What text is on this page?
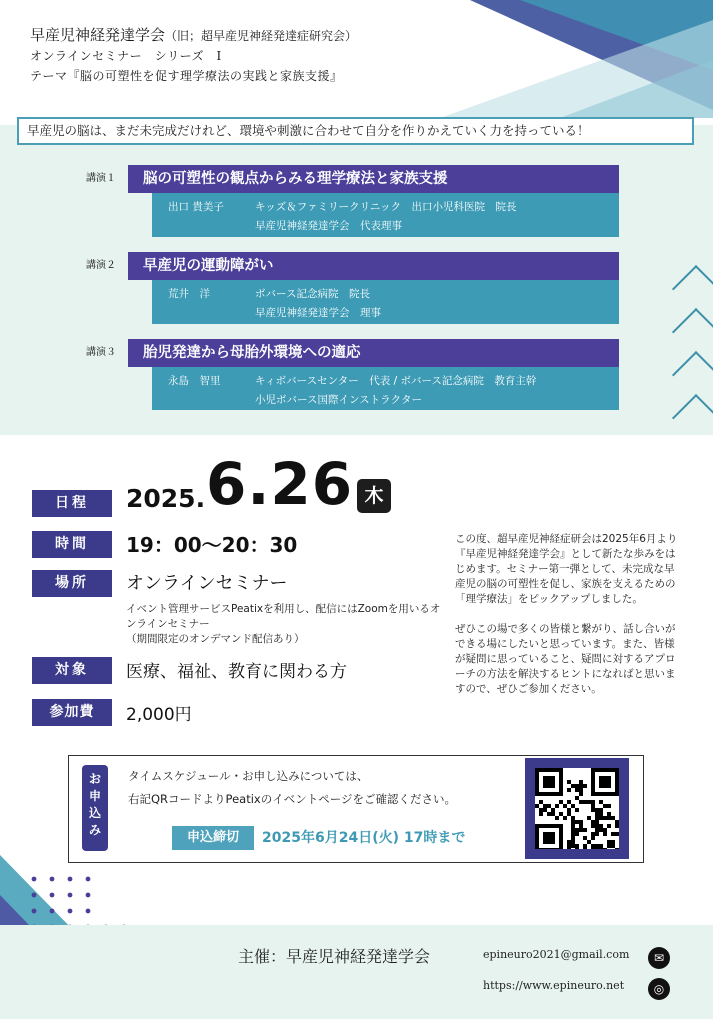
早産児神経発達学会（旧；超早産児神経発達症研究会）
オンラインセミナー　シリーズ　I
テーマ『脳の可塑性を促す理学療法の実践と家族支援』
早産児の脳は、まだ未完成だけれど、環境や刺激に合わせて自分を作りかえていく力を持っている！
講演１	脳の可塑性の観点からみる理学療法と家族支援
出口 貴美子	キッズ＆ファミリークリニック　出口小児科医院　院長
早産児神経発達学会　代表理事
講演２	早産児の運動障がい
荒井　洋	ボバース記念病院　院長
早産児神経発達学会　理事
講演３	胎児発達から母胎外環境への適応
永島　智里	キィボバースセンター　代表 / ボバース記念病院　教育主幹
小児ボバース国際インストラクター
日程	2025. 6.26 木
時間	19：00〜20：30
場所	オンラインセミナー
イベント管理サービスPeatixを利用し、配信にはZoomを用いるオンラインセミナー
（期間限定のオンデマンド配信あり）
対象	医療、福祉、教育に関わる方
参加費	2,000円

この度、超早産児神経症研会は2025年6月より『早産児神経発達学会』として新たな歩みをはじめます。セミナー第一弾として、未完成な早産児の脳の可塑性を促し、家族を支えるための「理学療法」をピックアップしました。

ぜひこの場で多くの皆様と繋がり、話し合いができる場にしたいと思っています。また、皆様が疑問に思っていること、疑問に対するアプローチの方法を解決するヒントになればと思いますので、ぜひご参加ください。

お申込み
タイムスケジュール・お申し込みについては、
右記QRコードよりPeatixのイベントページをご確認ください。
申込締切	2025年6月24日(火) 17時まで
主催：早産児神経発達学会	epineuro2021@gmail.com
https://www.epineuro.net
✉
◎
